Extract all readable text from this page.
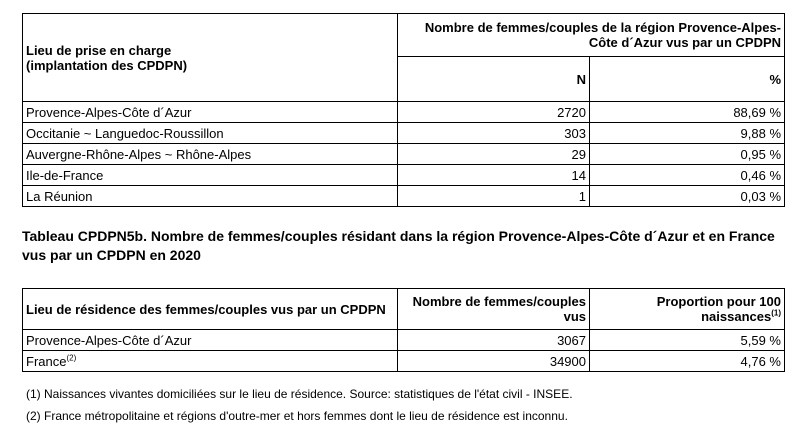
Lieu de prise en charge
(implantation des CPDPN)	Nombre de femmes/couples de la région Provence-Alpes-Côte d´Azur vus par un CPDPN	
	N	%
Provence-Alpes-Côte d´Azur	2720	88,69 %
Occitanie ~ Languedoc-Roussillon	303	9,88 %
Auvergne-Rhône-Alpes ~ Rhône-Alpes	29	0,95 %
Ile-de-France	14	0,46 %
La Réunion	1	0,03 %
Tableau CPDPN5b. Nombre de femmes/couples résidant dans la région Provence-Alpes-Côte d´Azur et en France vus par un CPDPN en 2020
Lieu de résidence des femmes/couples vus par un CPDPN	Nombre de femmes/couples vus	Proportion pour 100 naissances$^{(1)}$
Provence-Alpes-Côte d´Azur	3067	5,59 %
France$^{(2)}$	34900	4,76 %
(1) Naissances vivantes domiciliées sur le lieu de résidence. Source: statistiques de l'état civil - INSEE.
(2) France métropolitaine et régions d'outre-mer et hors femmes dont le lieu de résidence est inconnu.
